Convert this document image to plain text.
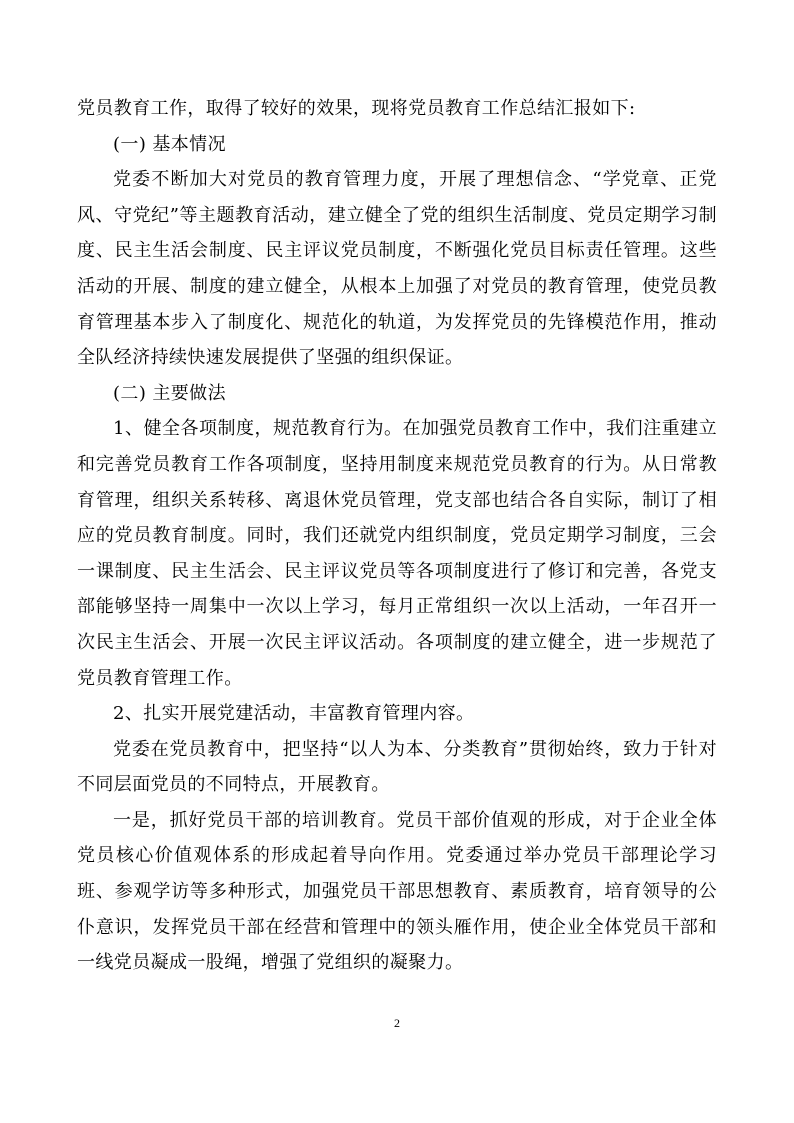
党员教育工作，取得了较好的效果，现将党员教育工作总结汇报如下:

(一) 基本情况

党委不断加大对党员的教育管理力度，开展了理想信念、“学党章、正党风、守党纪”等主题教育活动，建立健全了党的组织生活制度、党员定期学习制度、民主生活会制度、民主评议党员制度，不断强化党员目标责任管理。这些活动的开展、制度的建立健全，从根本上加强了对党员的教育管理，使党员教育管理基本步入了制度化、规范化的轨道，为发挥党员的先锋模范作用，推动全队经济持续快速发展提供了坚强的组织保证。

(二) 主要做法

1、健全各项制度，规范教育行为。在加强党员教育工作中，我们注重建立和完善党员教育工作各项制度，坚持用制度来规范党员教育的行为。从日常教育管理，组织关系转移、离退休党员管理，党支部也结合各自实际，制订了相应的党员教育制度。同时，我们还就党内组织制度，党员定期学习制度，三会一课制度、民主生活会、民主评议党员等各项制度进行了修订和完善，各党支部能够坚持一周集中一次以上学习，每月正常组织一次以上活动，一年召开一次民主生活会、开展一次民主评议活动。各项制度的建立健全，进一步规范了党员教育管理工作。

2、扎实开展党建活动，丰富教育管理内容。

党委在党员教育中，把坚持“以人为本、分类教育”贯彻始终，致力于针对不同层面党员的不同特点，开展教育。

一是，抓好党员干部的培训教育。党员干部价值观的形成，对于企业全体党员核心价值观体系的形成起着导向作用。党委通过举办党员干部理论学习班、参观学访等多种形式，加强党员干部思想教育、素质教育，培育领导的公仆意识，发挥党员干部在经营和管理中的领头雁作用，使企业全体党员干部和一线党员凝成一股绳，增强了党组织的凝聚力。

2
